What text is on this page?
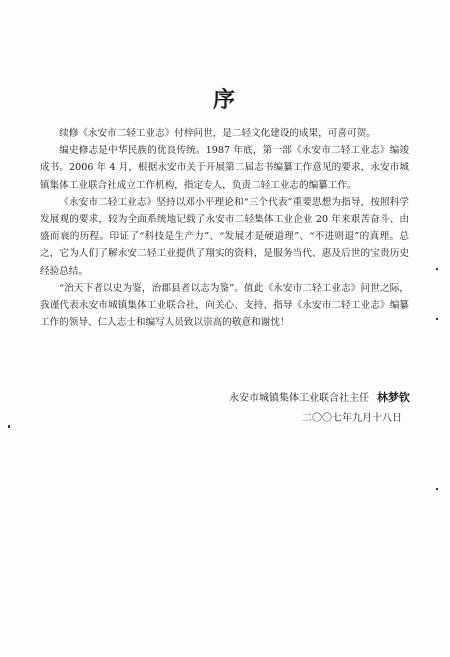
序

续修《永安市二轻工业志》付梓问世，是二轻文化建设的成果，可喜可贺。

编史修志是中华民族的优良传统。1987 年底，第一部《永安市二轻工业志》编竣成书。2006 年 4 月，根据永安市关于开展第二届志书编纂工作意见的要求，永安市城镇集体工业联合社成立工作机构，指定专人，负责二轻工业志的编纂工作。

《永安市二轻工业志》坚持以邓小平理论和“三个代表”重要思想为指导，按照科学发展观的要求，较为全面系统地记载了永安市二轻集体工业企业 20 年来艰苦奋斗、由盛而衰的历程。印证了“科技是生产力”、“发展才是硬道理”、“不进则退”的真理。总之，它为人们了解永安二轻工业提供了翔实的资料，是服务当代、惠及后世的宝贵历史经验总结。

“治天下者以史为鉴，治郡县者以志为鉴”。值此《永安市二轻工业志》问世之际，我谨代表永安市城镇集体工业联合社，向关心、支持、指导《永安市二轻工业志》编纂工作的领导、仁人志士和编写人员致以崇高的敬意和谢忱！

永安市城镇集体工业联合社主任 林梦钦
二〇〇七年九月十八日
